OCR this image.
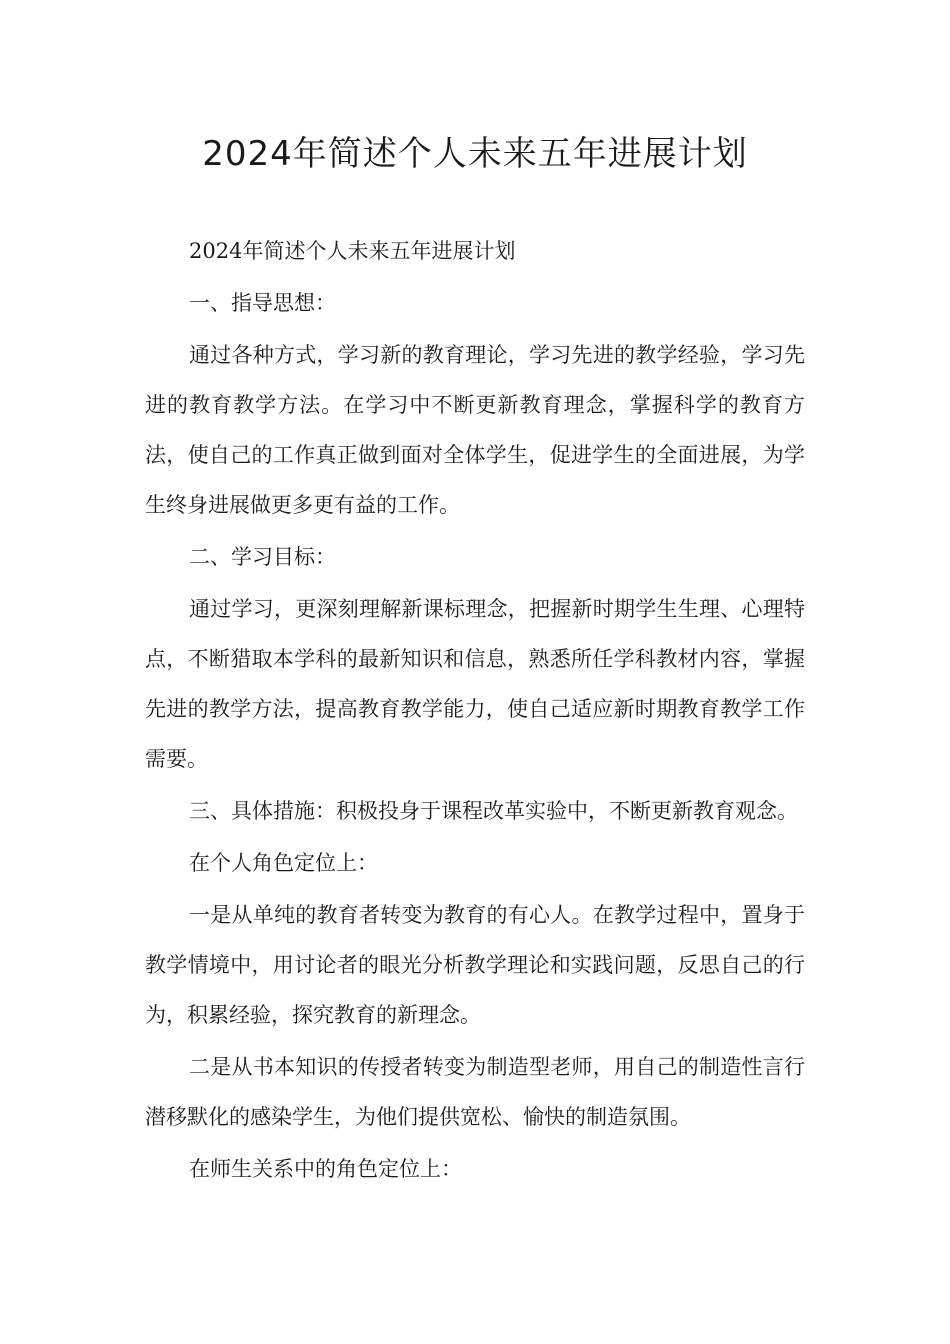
2024年简述个人未来五年进展计划

2024年简述个人未来五年进展计划

一、指导思想：

通过各种方式，学习新的教育理论，学习先进的教学经验，学习先进的教育教学方法。在学习中不断更新教育理念，掌握科学的教育方法，使自己的工作真正做到面对全体学生，促进学生的全面进展，为学生终身进展做更多更有益的工作。

二、学习目标：

通过学习，更深刻理解新课标理念，把握新时期学生生理、心理特点，不断猎取本学科的最新知识和信息，熟悉所任学科教材内容，掌握先进的教学方法，提高教育教学能力，使自己适应新时期教育教学工作需要。

三、具体措施：积极投身于课程改革实验中，不断更新教育观念。

在个人角色定位上：

一是从单纯的教育者转变为教育的有心人。在教学过程中，置身于教学情境中，用讨论者的眼光分析教学理论和实践问题，反思自己的行为，积累经验，探究教育的新理念。

二是从书本知识的传授者转变为制造型老师，用自己的制造性言行潜移默化的感染学生，为他们提供宽松、愉快的制造氛围。

在师生关系中的角色定位上：
